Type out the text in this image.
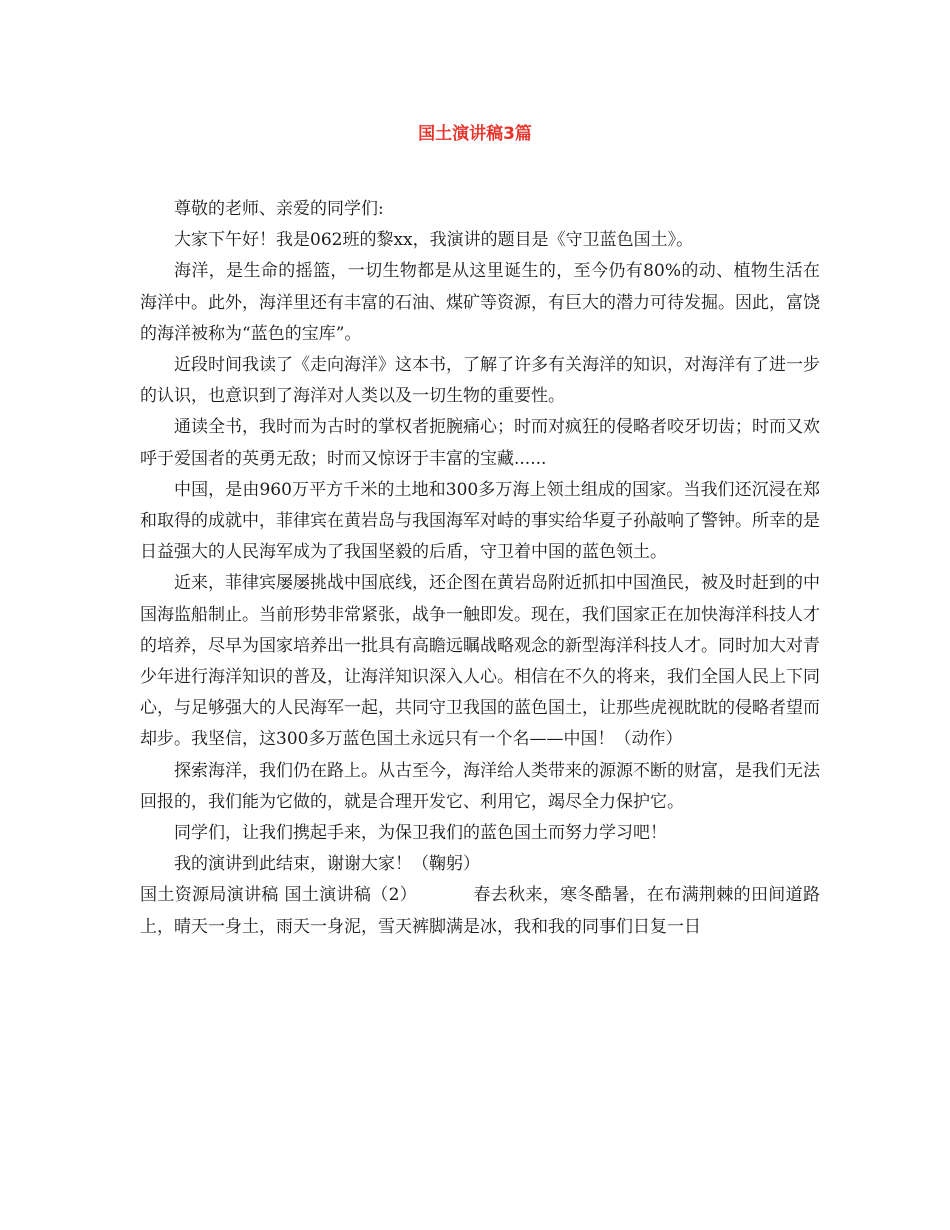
国土演讲稿3篇

尊敬的老师、亲爱的同学们:

大家下午好！我是062班的黎xx，我演讲的题目是《守卫蓝色国土》。

海洋，是生命的摇篮，一切生物都是从这里诞生的，至今仍有80%的动、植物生活在海洋中。此外，海洋里还有丰富的石油、煤矿等资源，有巨大的潜力可待发掘。因此，富饶的海洋被称为“蓝色的宝库”。

近段时间我读了《走向海洋》这本书，了解了许多有关海洋的知识，对海洋有了进一步的认识，也意识到了海洋对人类以及一切生物的重要性。

通读全书，我时而为古时的掌权者扼腕痛心；时而对疯狂的侵略者咬牙切齿；时而又欢呼于爱国者的英勇无敌；时而又惊讶于丰富的宝藏......

中国，是由960万平方千米的土地和300多万海上领土组成的国家。当我们还沉浸在郑和取得的成就中，菲律宾在黄岩岛与我国海军对峙的事实给华夏子孙敲响了警钟。所幸的是日益强大的人民海军成为了我国坚毅的后盾，守卫着中国的蓝色领土。

近来，菲律宾屡屡挑战中国底线，还企图在黄岩岛附近抓扣中国渔民，被及时赶到的中国海监船制止。当前形势非常紧张，战争一触即发。现在，我们国家正在加快海洋科技人才的培养，尽早为国家培养出一批具有高瞻远瞩战略观念的新型海洋科技人才。同时加大对青少年进行海洋知识的普及，让海洋知识深入人心。相信在不久的将来，我们全国人民上下同心，与足够强大的人民海军一起，共同守卫我国的蓝色国土，让那些虎视眈眈的侵略者望而却步。我坚信，这300多万蓝色国土永远只有一个名——中国！（动作）

探索海洋，我们仍在路上。从古至今，海洋给人类带来的源源不断的财富，是我们无法回报的，我们能为它做的，就是合理开发它、利用它，竭尽全力保护它。

同学们，让我们携起手来，为保卫我们的蓝色国土而努力学习吧！

我的演讲到此结束，谢谢大家！（鞠躬）

国土资源局演讲稿 国土演讲稿（2）	春去秋来，寒冬酷暑，在布满荆棘的田间道路上，晴天一身土，雨天一身泥，雪天裤脚满是冰，我和我的同事们日复一日
